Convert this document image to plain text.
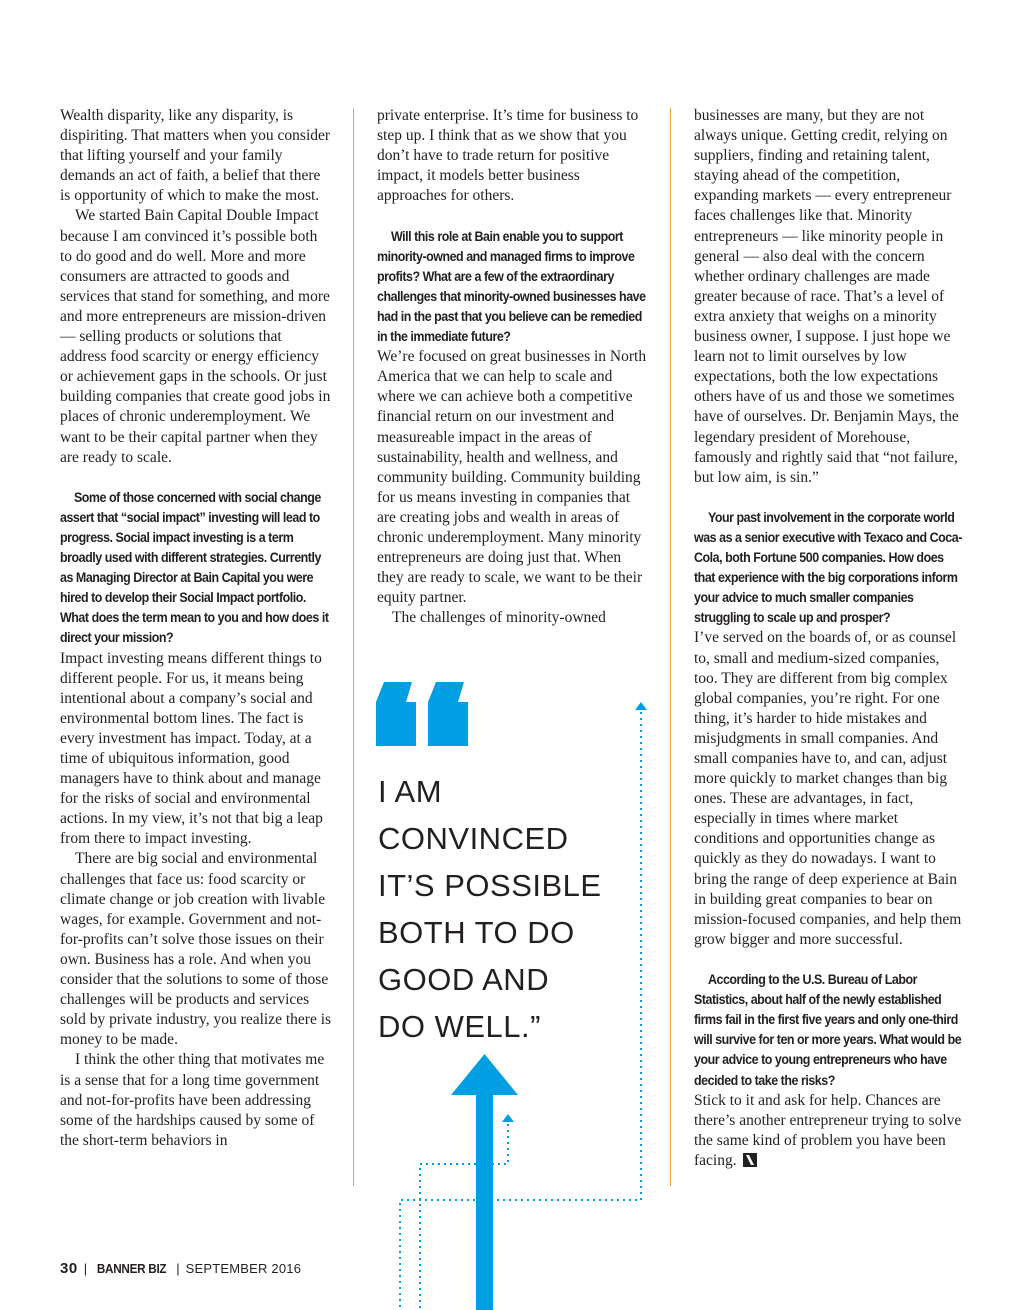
Wealth disparity, like any disparity, is dispiriting. That matters when you consider that lifting yourself and your family demands an act of faith, a belief that there is opportunity of which to make the most.

We started Bain Capital Double Impact because I am convinced it’s possible both to do good and do well. More and more consumers are attracted to goods and services that stand for something, and more and more entrepreneurs are mission-driven — selling products or solutions that address food scarcity or energy efficiency or achievement gaps in the schools. Or just building companies that create good jobs in places of chronic underemployment. We want to be their capital partner when they are ready to scale.

Some of those concerned with social change assert that “social impact” investing will lead to progress. Social impact investing is a term broadly used with different strategies. Currently as Managing Director at Bain Capital you were hired to develop their Social Impact portfolio. What does the term mean to you and how does it direct your mission?

Impact investing means different things to different people. For us, it means being intentional about a company’s social and environmental bottom lines. The fact is every investment has impact. Today, at a time of ubiquitous information, good managers have to think about and manage for the risks of social and environmental actions. In my view, it’s not that big a leap from there to impact investing.

There are big social and environmental challenges that face us: food scarcity or climate change or job creation with livable wages, for example. Government and not-for-profits can’t solve those issues on their own. Business has a role. And when you consider that the solutions to some of those challenges will be products and services sold by private industry, you realize there is money to be made.

I think the other thing that motivates me is a sense that for a long time government and not-for-profits have been addressing some of the hardships caused by some of the short-term behaviors in

private enterprise. It’s time for business to step up. I think that as we show that you don’t have to trade return for positive impact, it models better business approaches for others.

Will this role at Bain enable you to support minority-owned and managed firms to improve profits? What are a few of the extraordinary challenges that minority-owned businesses have had in the past that you believe can be remedied in the immediate future?

We’re focused on great businesses in North America that we can help to scale and where we can achieve both a competitive financial return on our investment and measureable impact in the areas of sustainability, health and wellness, and community building. Community building for us means investing in companies that are creating jobs and wealth in areas of chronic underemployment. Many minority entrepreneurs are doing just that. When they are ready to scale, we want to be their equity partner.

The challenges of minority-owned

I AM
CONVINCED
IT’S POSSIBLE
BOTH TO DO
GOOD AND
DO WELL.”

businesses are many, but they are not always unique. Getting credit, relying on suppliers, finding and retaining talent, staying ahead of the competition, expanding markets — every entrepreneur faces challenges like that. Minority entrepreneurs — like minority people in general — also deal with the concern whether ordinary challenges are made greater because of race. That’s a level of extra anxiety that weighs on a minority business owner, I suppose. I just hope we learn not to limit ourselves by low expectations, both the low expectations others have of us and those we sometimes have of ourselves. Dr. Benjamin Mays, the legendary president of Morehouse, famously and rightly said that “not failure, but low aim, is sin.”

Your past involvement in the corporate world was as a senior executive with Texaco and Coca-Cola, both Fortune 500 companies. How does that experience with the big corporations inform your advice to much smaller companies struggling to scale up and prosper?

I’ve served on the boards of, or as counsel to, small and medium-sized companies, too. They are different from big complex global companies, you’re right. For one thing, it’s harder to hide mistakes and misjudgments in small companies. And small companies have to, and can, adjust more quickly to market changes than big ones. These are advantages, in fact, especially in times where market conditions and opportunities change as quickly as they do nowadays. I want to bring the range of deep experience at Bain in building great companies to bear on mission-focused companies, and help them grow bigger and more successful.

According to the U.S. Bureau of Labor Statistics, about half of the newly established firms fail in the first five years and only one-third will survive for ten or more years. What would be your advice to young entrepreneurs who have decided to take the risks?

Stick to it and ask for help. Chances are there’s another entrepreneur trying to solve the same kind of problem you have been facing.

30 | BANNER BIZ | SEPTEMBER 2016
